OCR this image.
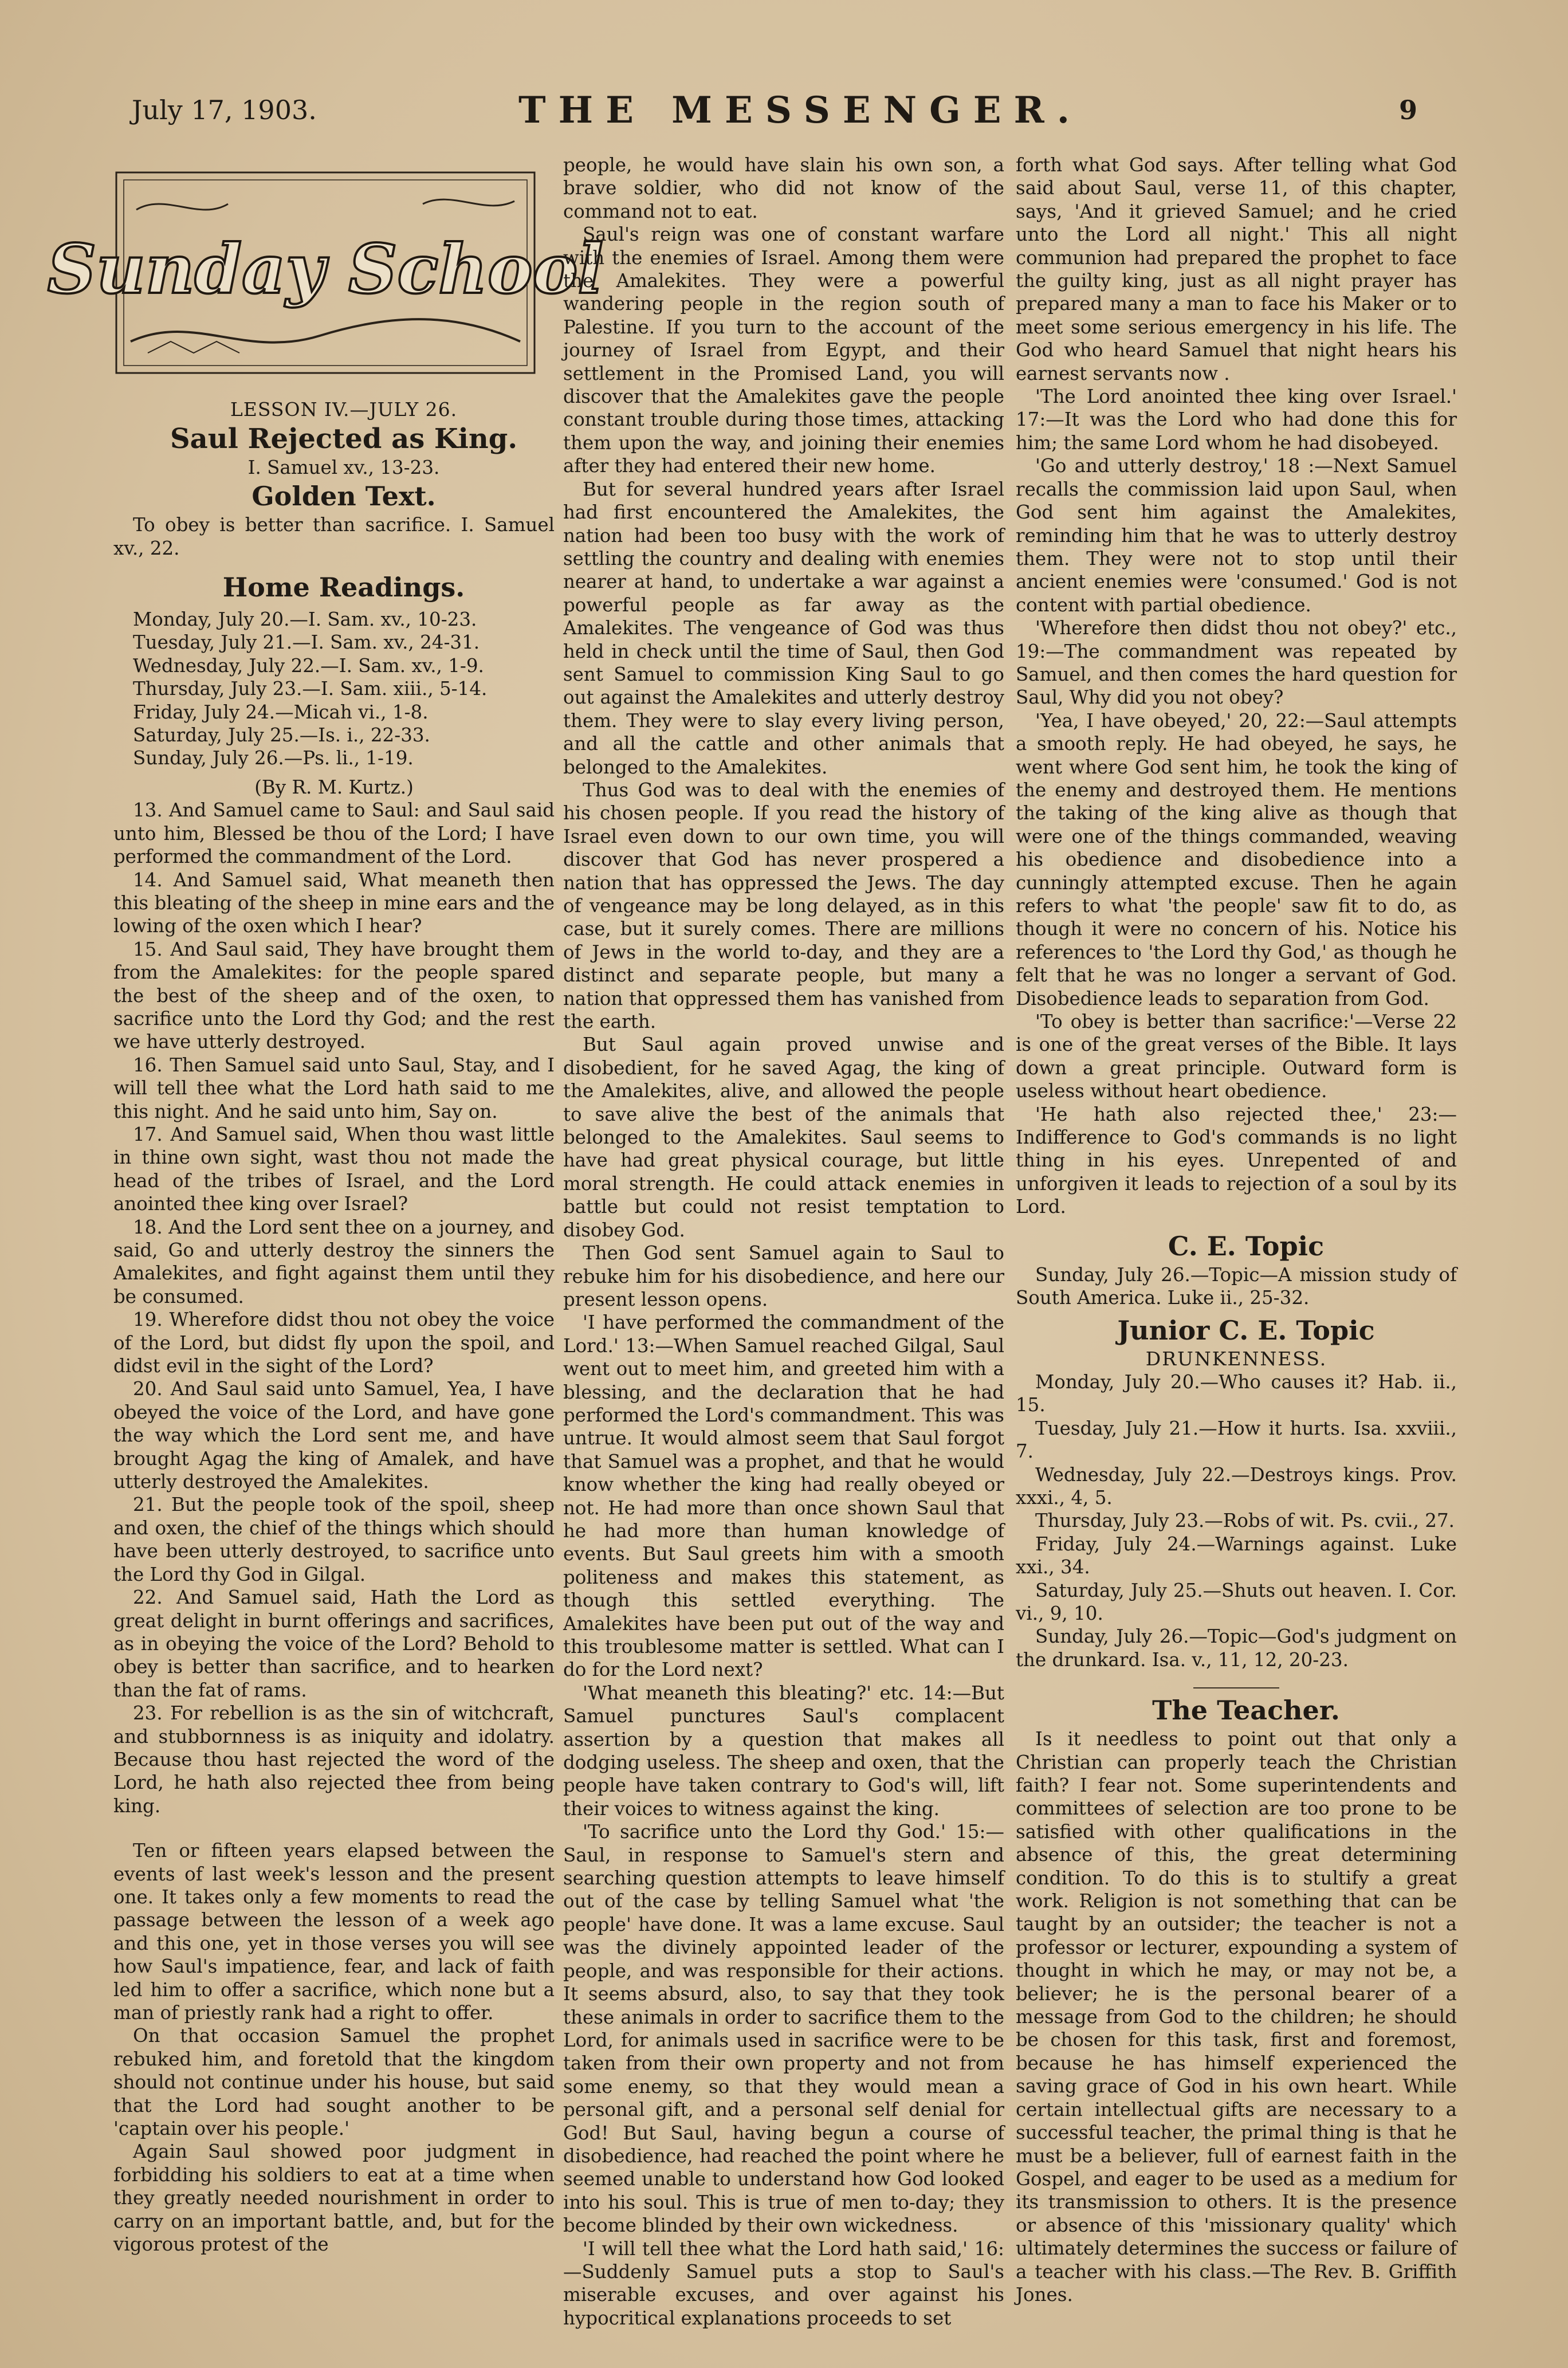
July 17, 1903.	THE MESSENGER.	9
Sunday School

LESSON IV.—JULY 26.

Saul Rejected as King.

I. Samuel xv., 13-23.

Golden Text.

To obey is better than sacrifice. I. Samuel xv., 22.

Home Readings.

Monday, July 20.—I. Sam. xv., 10-23.
Tuesday, July 21.—I. Sam. xv., 24-31.
Wednesday, July 22.—I. Sam. xv., 1-9.
Thursday, July 23.—I. Sam. xiii., 5-14.
Friday, July 24.—Micah vi., 1-8.
Saturday, July 25.—Is. i., 22-33.
Sunday, July 26.—Ps. li., 1-19.

(By R. M. Kurtz.)

13. And Samuel came to Saul: and Saul said unto him, Blessed be thou of the Lord; I have performed the commandment of the Lord.

14. And Samuel said, What meaneth then this bleating of the sheep in mine ears and the lowing of the oxen which I hear?

15. And Saul said, They have brought them from the Amalekites: for the people spared the best of the sheep and of the oxen, to sacrifice unto the Lord thy God; and the rest we have utterly destroyed.

16. Then Samuel said unto Saul, Stay, and I will tell thee what the Lord hath said to me this night. And he said unto him, Say on.

17. And Samuel said, When thou wast little in thine own sight, wast thou not made the head of the tribes of Israel, and the Lord anointed thee king over Israel?

18. And the Lord sent thee on a journey, and said, Go and utterly destroy the sinners the Amalekites, and fight against them until they be consumed.

19. Wherefore didst thou not obey the voice of the Lord, but didst fly upon the spoil, and didst evil in the sight of the Lord?

20. And Saul said unto Samuel, Yea, I have obeyed the voice of the Lord, and have gone the way which the Lord sent me, and have brought Agag the king of Amalek, and have utterly destroyed the Amalekites.

21. But the people took of the spoil, sheep and oxen, the chief of the things which should have been utterly destroyed, to sacrifice unto the Lord thy God in Gilgal.

22. And Samuel said, Hath the Lord as great delight in burnt offerings and sacrifices, as in obeying the voice of the Lord? Behold to obey is better than sacrifice, and to hearken than the fat of rams.

23. For rebellion is as the sin of witchcraft, and stubbornness is as iniquity and idolatry. Because thou hast rejected the word of the Lord, he hath also rejected thee from being king.

Ten or fifteen years elapsed between the events of last week's lesson and the present one. It takes only a few moments to read the passage between the lesson of a week ago and this one, yet in those verses you will see how Saul's impatience, fear, and lack of faith led him to offer a sacrifice, which none but a man of priestly rank had a right to offer.

On that occasion Samuel the prophet rebuked him, and foretold that the kingdom should not continue under his house, but said that the Lord had sought another to be 'captain over his people.'

Again Saul showed poor judgment in forbidding his soldiers to eat at a time when they greatly needed nourishment in order to carry on an important battle, and, but for the vigorous protest of the

people, he would have slain his own son, a brave soldier, who did not know of the command not to eat.

Saul's reign was one of constant warfare with the enemies of Israel. Among them were the Amalekites. They were a powerful wandering people in the region south of Palestine. If you turn to the account of the journey of Israel from Egypt, and their settlement in the Promised Land, you will discover that the Amalekites gave the people constant trouble during those times, attacking them upon the way, and joining their enemies after they had entered their new home.

But for several hundred years after Israel had first encountered the Amalekites, the nation had been too busy with the work of settling the country and dealing with enemies nearer at hand, to undertake a war against a powerful people as far away as the Amalekites. The vengeance of God was thus held in check until the time of Saul, then God sent Samuel to commission King Saul to go out against the Amalekites and utterly destroy them. They were to slay every living person, and all the cattle and other animals that belonged to the Amalekites.

Thus God was to deal with the enemies of his chosen people. If you read the history of Israel even down to our own time, you will discover that God has never prospered a nation that has oppressed the Jews. The day of vengeance may be long delayed, as in this case, but it surely comes. There are millions of Jews in the world to-day, and they are a distinct and separate people, but many a nation that oppressed them has vanished from the earth.

But Saul again proved unwise and disobedient, for he saved Agag, the king of the Amalekites, alive, and allowed the people to save alive the best of the animals that belonged to the Amalekites. Saul seems to have had great physical courage, but little moral strength. He could attack enemies in battle but could not resist temptation to disobey God.

Then God sent Samuel again to Saul to rebuke him for his disobedience, and here our present lesson opens.

'I have performed the commandment of the Lord.' 13:—When Samuel reached Gilgal, Saul went out to meet him, and greeted him with a blessing, and the declaration that he had performed the Lord's commandment. This was untrue. It would almost seem that Saul forgot that Samuel was a prophet, and that he would know whether the king had really obeyed or not. He had more than once shown Saul that he had more than human knowledge of events. But Saul greets him with a smooth politeness and makes this statement, as though this settled everything. The Amalekites have been put out of the way and this troublesome matter is settled. What can I do for the Lord next?

'What meaneth this bleating?' etc. 14:—But Samuel punctures Saul's complacent assertion by a question that makes all dodging useless. The sheep and oxen, that the people have taken contrary to God's will, lift their voices to witness against the king.

'To sacrifice unto the Lord thy God.' 15:—Saul, in response to Samuel's stern and searching question attempts to leave himself out of the case by telling Samuel what 'the people' have done. It was a lame excuse. Saul was the divinely appointed leader of the people, and was responsible for their actions. It seems absurd, also, to say that they took these animals in order to sacrifice them to the Lord, for animals used in sacrifice were to be taken from their own property and not from some enemy, so that they would mean a personal gift, and a personal self denial for God! But Saul, having begun a course of disobedience, had reached the point where he seemed unable to understand how God looked into his soul. This is true of men to-day; they become blinded by their own wickedness.

'I will tell thee what the Lord hath said,' 16:—Suddenly Samuel puts a stop to Saul's miserable excuses, and over against his hypocritical explanations proceeds to set

forth what God says. After telling what God said about Saul, verse 11, of this chapter, says, 'And it grieved Samuel; and he cried unto the Lord all night.' This all night communion had prepared the prophet to face the guilty king, just as all night prayer has prepared many a man to face his Maker or to meet some serious emergency in his life. The God who heard Samuel that night hears his earnest servants now .

'The Lord anointed thee king over Israel.' 17:—It was the Lord who had done this for him; the same Lord whom he had disobeyed.

'Go and utterly destroy,' 18 :—Next Samuel recalls the commission laid upon Saul, when God sent him against the Amalekites, reminding him that he was to utterly destroy them. They were not to stop until their ancient enemies were 'consumed.' God is not content with partial obedience.

'Wherefore then didst thou not obey?' etc., 19:—The commandment was repeated by Samuel, and then comes the hard question for Saul, Why did you not obey?

'Yea, I have obeyed,' 20, 22:—Saul attempts a smooth reply. He had obeyed, he says, he went where God sent him, he took the king of the enemy and destroyed them. He mentions the taking of the king alive as though that were one of the things commanded, weaving his obedience and disobedience into a cunningly attempted excuse. Then he again refers to what 'the people' saw fit to do, as though it were no concern of his. Notice his references to 'the Lord thy God,' as though he felt that he was no longer a servant of God. Disobedience leads to separation from God.

'To obey is better than sacrifice:'—Verse 22 is one of the great verses of the Bible. It lays down a great principle. Outward form is useless without heart obedience.

'He hath also rejected thee,' 23:—Indifference to God's commands is no light thing in his eyes. Unrepented of and unforgiven it leads to rejection of a soul by its Lord.

C. E. Topic

Sunday, July 26.—Topic—A mission study of South America. Luke ii., 25-32.

Junior C. E. Topic

DRUNKENNESS.

Monday, July 20.—Who causes it? Hab. ii., 15.

Tuesday, July 21.—How it hurts. Isa. xxviii., 7.

Wednesday, July 22.—Destroys kings. Prov. xxxi., 4, 5.

Thursday, July 23.—Robs of wit. Ps. cvii., 27.

Friday, July 24.—Warnings against. Luke xxi., 34.

Saturday, July 25.—Shuts out heaven. I. Cor. vi., 9, 10.

Sunday, July 26.—Topic—God's judgment on the drunkard. Isa. v., 11, 12, 20-23.

The Teacher.

Is it needless to point out that only a Christian can properly teach the Christian faith? I fear not. Some superintendents and committees of selection are too prone to be satisfied with other qualifications in the absence of this, the great determining condition. To do this is to stultify a great work. Religion is not something that can be taught by an outsider; the teacher is not a professor or lecturer, expounding a system of thought in which he may, or may not be, a believer; he is the personal bearer of a message from God to the children; he should be chosen for this task, first and foremost, because he has himself experienced the saving grace of God in his own heart. While certain intellectual gifts are necessary to a successful teacher, the primal thing is that he must be a believer, full of earnest faith in the Gospel, and eager to be used as a medium for its transmission to others. It is the presence or absence of this 'missionary quality' which ultimately determines the success or failure of a teacher with his class.—The Rev. B. Griffith Jones.
